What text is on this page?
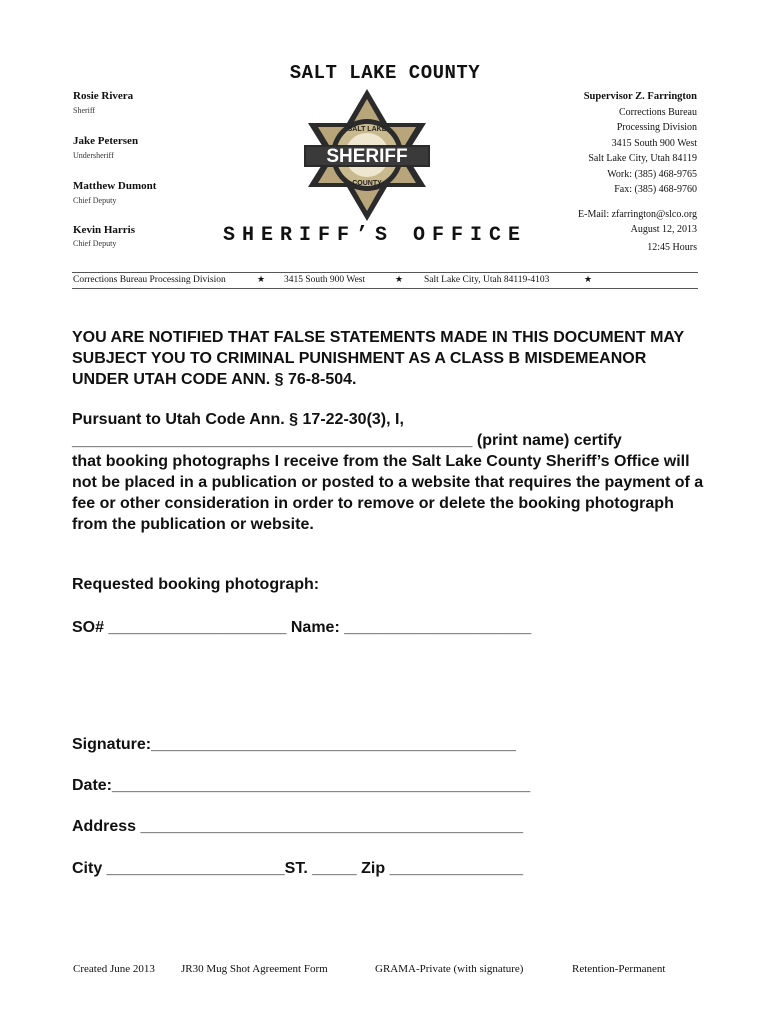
SALT LAKE COUNTY
Rosie Rivera
Sheriff
Jake Petersen
Undersheriff
Matthew Dumont
Chief Deputy
Kevin Harris
Chief Deputy
SALT LAKE
COUNTY
SHERIFF
Supervisor Z. Farrington
Corrections Bureau
Processing Division
3415 South 900 West
Salt Lake City, Utah 84119
Work: (385) 468-9765
Fax: (385) 468-9760
E-Mail: zfarrington@slco.org
August 12, 2013
12:45 Hours
SHERIFF’S OFFICE
Corrections Bureau Processing Division	★ 3415 South 900 West	★ Salt Lake City, Utah 84119-4103	★
YOU ARE NOTIFIED THAT FALSE STATEMENTS MADE IN THIS DOCUMENT MAY SUBJECT YOU TO CRIMINAL PUNISHMENT AS A CLASS B MISDEMEANOR UNDER UTAH CODE ANN. § 76-8-504.
Pursuant to Utah Code Ann. § 17-22-30(3), I,
_____________________________________________ (print name) certify
that booking photographs I receive from the Salt Lake County Sheriff’s Office will not be placed in a publication or posted to a website that requires the payment of a fee or other consideration in order to remove or delete the booking photograph from the publication or website.
Requested booking photograph:
SO# ____________________ Name: _____________________
Signature:_________________________________________
Date:_______________________________________________
Address ___________________________________________
City ____________________ST. _____ Zip _______________
Created June 2013 JR30 Mug Shot Agreement Form	GRAMA-Private (with signature)	Retention-Permanent
